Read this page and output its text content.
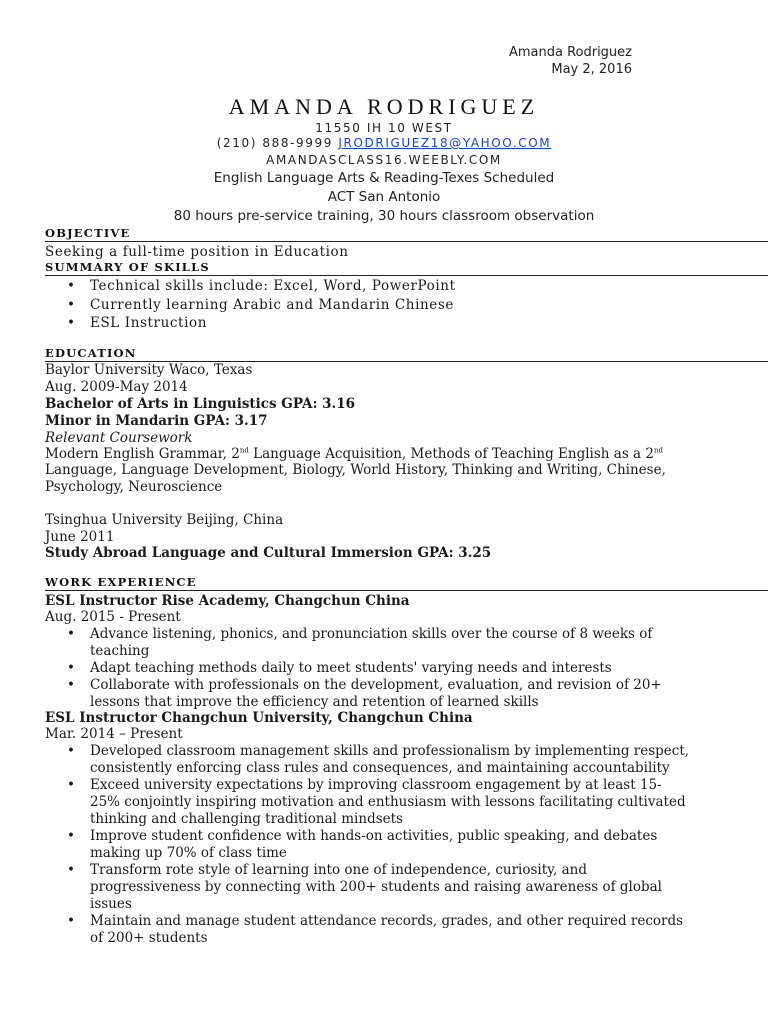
Amanda Rodriguez
May 2, 2016
AMANDA RODRIGUEZ
11550 IH 10 WEST
(210) 888-9999 JRODRIGUEZ18@YAHOO.COM
AMANDASCLASS16.WEEBLY.COM
English Language Arts & Reading-Texes Scheduled
ACT San Antonio
80 hours pre-service training, 30 hours classroom observation
OBJECTIVE
Seeking a full-time position in Education
SUMMARY OF SKILLS
• Technical skills include: Excel, Word, PowerPoint
• Currently learning Arabic and Mandarin Chinese
• ESL Instruction
EDUCATION
Baylor University Waco, Texas
Aug. 2009-May 2014
Bachelor of Arts in Linguistics GPA: 3.16
Minor in Mandarin GPA: 3.17
Relevant Coursework
Modern English Grammar, 2nd Language Acquisition, Methods of Teaching English as a 2nd
Language, Language Development, Biology, World History, Thinking and Writing, Chinese,
Psychology, Neuroscience
Tsinghua University Beijing, China
June 2011
Study Abroad Language and Cultural Immersion GPA: 3.25
WORK EXPERIENCE
ESL Instructor Rise Academy, Changchun China
Aug. 2015 - Present
• Advance listening, phonics, and pronunciation skills over the course of 8 weeks of
teaching
• Adapt teaching methods daily to meet students' varying needs and interests
• Collaborate with professionals on the development, evaluation, and revision of 20+
lessons that improve the efficiency and retention of learned skills
ESL Instructor Changchun University, Changchun China
Mar. 2014 – Present
• Developed classroom management skills and professionalism by implementing respect,
consistently enforcing class rules and consequences, and maintaining accountability
• Exceed university expectations by improving classroom engagement by at least 15-
25% conjointly inspiring motivation and enthusiasm with lessons facilitating cultivated
thinking and challenging traditional mindsets
• Improve student confidence with hands-on activities, public speaking, and debates
making up 70% of class time
• Transform rote style of learning into one of independence, curiosity, and
progressiveness by connecting with 200+ students and raising awareness of global
issues
• Maintain and manage student attendance records, grades, and other required records
of 200+ students
